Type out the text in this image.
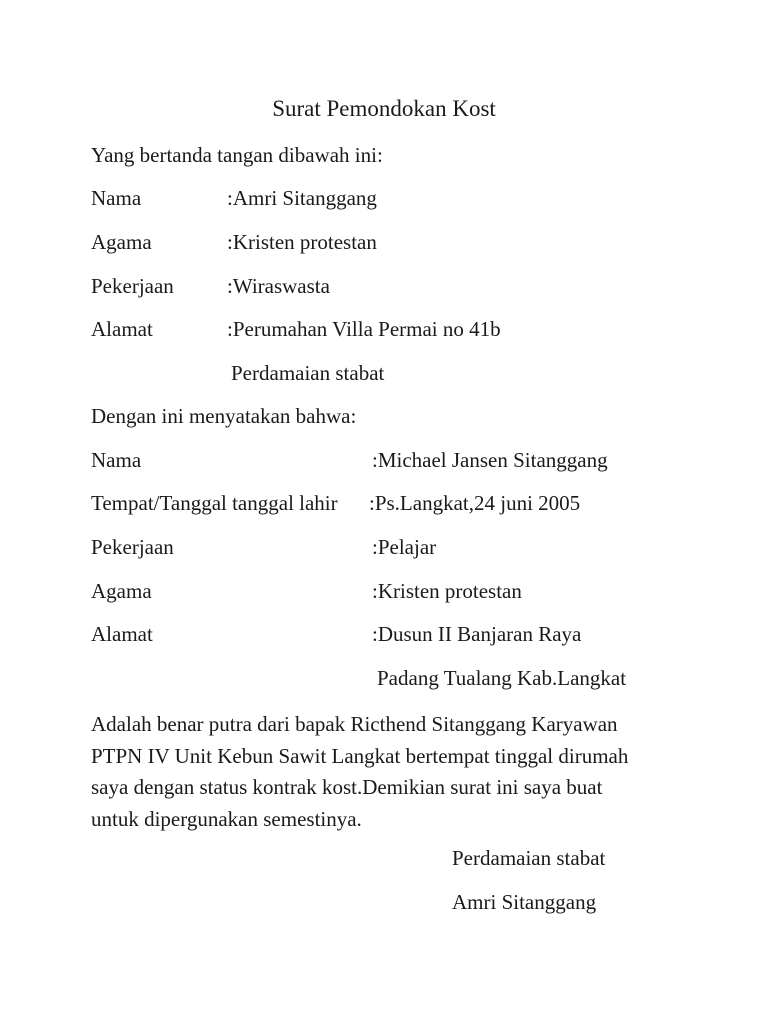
Surat Pemondokan Kost
Yang bertanda tangan dibawah ini:
Nama	:Amri Sitanggang
Agama	:Kristen protestan
Pekerjaan	:Wiraswasta
Alamat	:Perumahan Villa Permai no 41b
Perdamaian stabat
Dengan ini menyatakan bahwa:
Nama	:Michael Jansen Sitanggang
Tempat/Tanggal tanggal lahir :Ps.Langkat,24 juni 2005
Pekerjaan	:Pelajar
Agama	:Kristen protestan
Alamat	:Dusun II Banjaran Raya
Padang Tualang Kab.Langkat
Adalah benar putra dari bapak Ricthend Sitanggang Karyawan
PTPN IV Unit Kebun Sawit Langkat bertempat tinggal dirumah
saya dengan status kontrak kost.Demikian surat ini saya buat
untuk dipergunakan semestinya.
Perdamaian stabat
Amri Sitanggang
